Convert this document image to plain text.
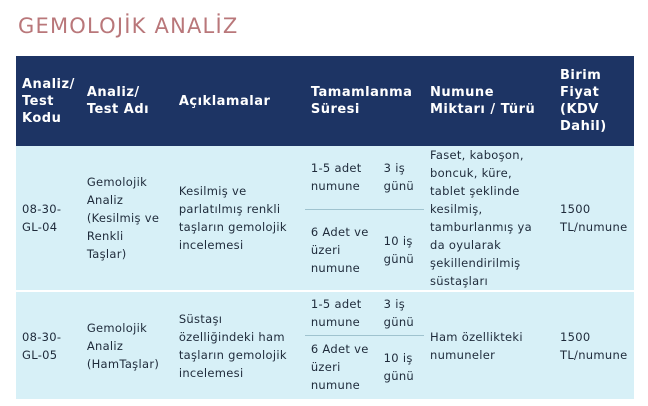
GEMOLOJİK ANALİZ
Analiz/ Test Kodu	Analiz/ Test Adı	Açıklamalar	Tamamlanma Süresi		Numune Miktarı / Türü	Birim Fiyat (KDV Dahil)
08-30-GL-04	Gemolojik Analiz (Kesilmiş ve Renkli Taşlar)	Kesilmiş ve parlatılmış renkli taşların gemolojik incelemesi	1-5 adet numune	3 iş günü	Faset, kaboşon, boncuk, küre, tablet şeklinde kesilmiş, tamburlanmış ya da oyularak şekillendirilmiş süstaşları	1500 TL/numune
			6 Adet ve üzeri numune	10 iş günü		
08-30-GL-05	Gemolojik Analiz (HamTaşlar)	Süstaşı özelliğindeki ham taşların gemolojik incelemesi	1-5 adet numune	3 iş günü	Ham özellikteki numuneler	1500 TL/numune
			6 Adet ve üzeri numune	10 iş günü		
